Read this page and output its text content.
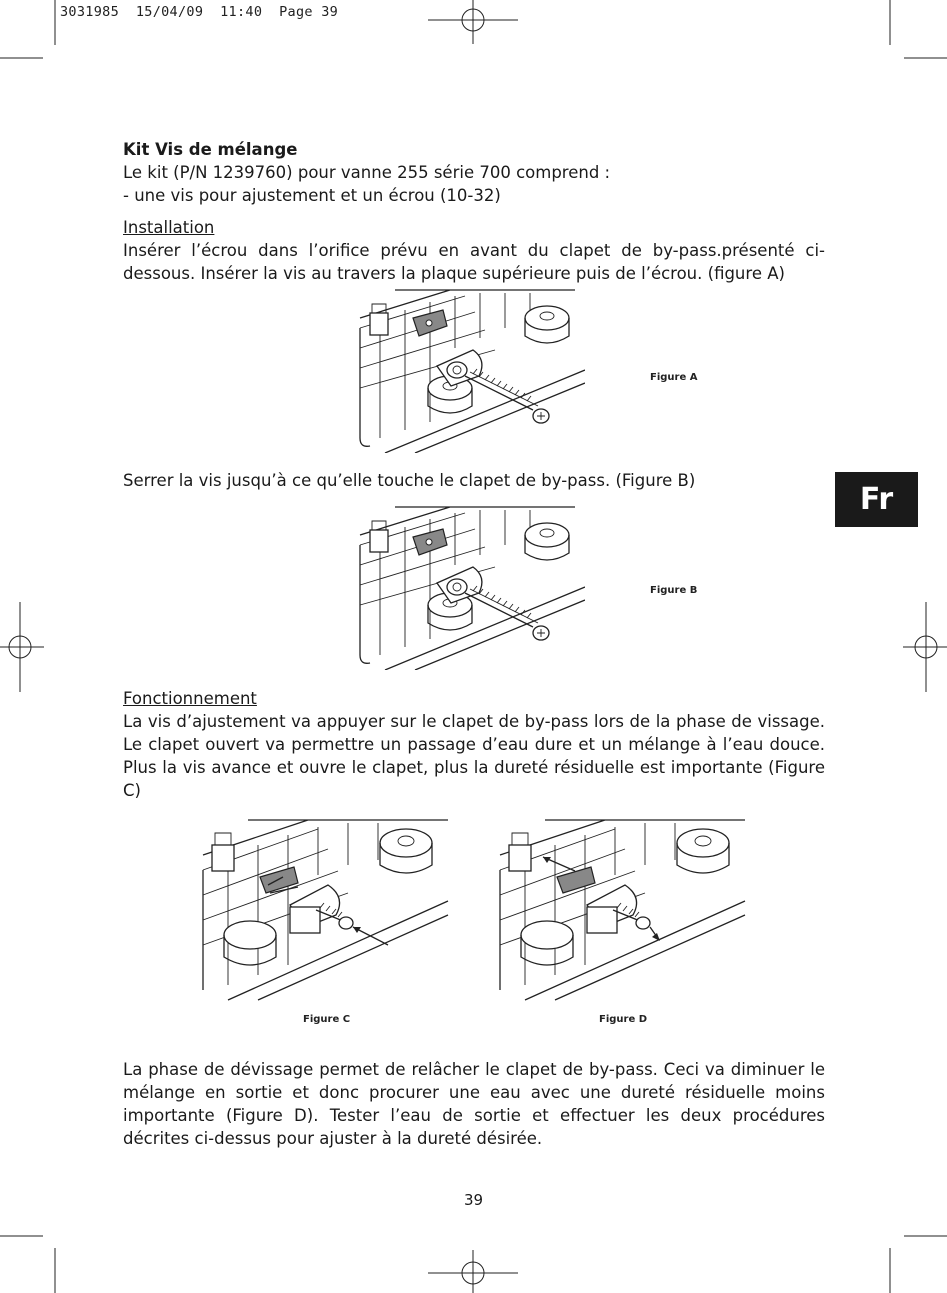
3031985  15/04/09  11:40  Page 39
Kit Vis de mélange
Le kit (P/N 1239760) pour vanne 255 série 700 comprend :
- une vis pour ajustement et un écrou (10-32)
Installation
Insérer l’écrou dans l’orifice prévu en avant du clapet de by-pass.présenté ci-dessous. Insérer la vis au travers la plaque supérieure puis de l’écrou. (figure A)
Figure A
Serrer la vis jusqu’à ce qu’elle touche le clapet de by-pass. (Figure B)
Fr
Figure B
Fonctionnement
La vis d’ajustement va appuyer sur le clapet de by-pass lors de la phase de vissage. Le clapet ouvert va permettre un passage d’eau dure et un mélange à l’eau douce. Plus la vis avance et ouvre le clapet, plus la dureté résiduelle est importante (Figure C)
Figure C	Figure D
La phase de dévissage permet de relâcher le clapet de by-pass. Ceci va diminuer le mélange en sortie et donc procurer une eau avec une dureté résiduelle moins importante (Figure D). Tester l’eau de sortie et effectuer les deux procédures décrites ci-dessus pour ajuster à la dureté désirée.
39
